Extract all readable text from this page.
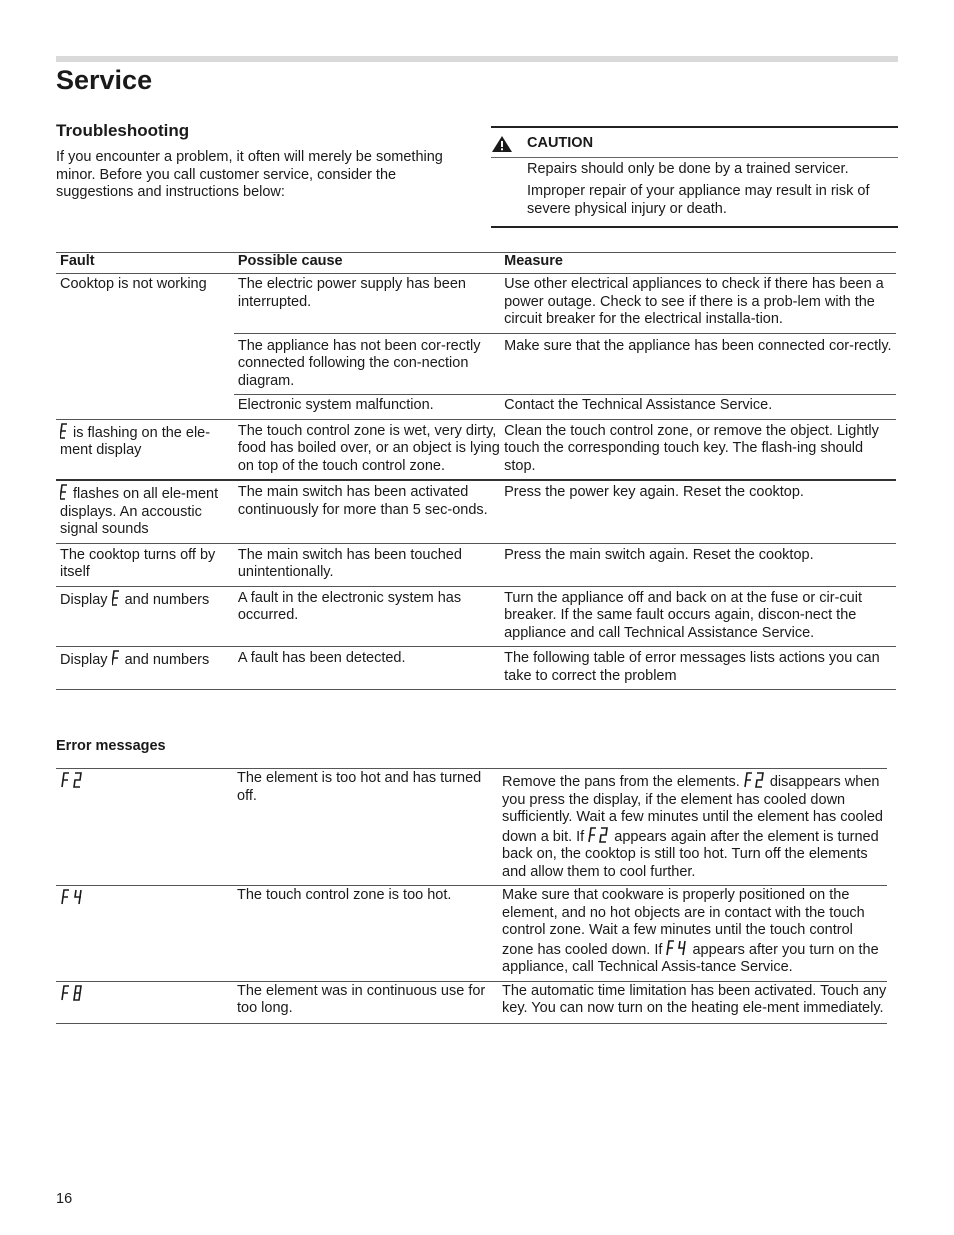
Service
Troubleshooting

If you encounter a problem, it often will merely be something minor. Before you call customer service, consider the suggestions and instructions below:

CAUTION

Repairs should only be done by a trained servicer.

Improper repair of your appliance may result in risk of severe physical injury or death.

Fault	Possible cause	Measure
Cooktop is not working	The electric power supply has been interrupted.	Use other electrical appliances to check if there has been a power outage. Check to see if there is a prob-lem with the circuit breaker for the electrical installa-tion.
	The appliance has not been cor-rectly connected following the con-nection diagram.	Make sure that the appliance has been connected cor-rectly.
	Electronic system malfunction.	Contact the Technical Assistance Service.
is flashing on the ele-ment display	The touch control zone is wet, very dirty, food has boiled over, or an object is lying on top of the touch control zone.	Clean the touch control zone, or remove the object. Lightly touch the corresponding touch key. The flash-ing should stop.
flashes on all ele-ment displays. An accoustic signal sounds	The main switch has been activated continuously for more than 5 sec-onds.	Press the power key again. Reset the cooktop.
The cooktop turns off by itself	The main switch has been touched unintentionally.	Press the main switch again. Reset the cooktop.
Display and numbers	A fault in the electronic system has occurred.	Turn the appliance off and back on at the fuse or cir-cuit breaker. If the same fault occurs again, discon-nect the appliance and call Technical Assistance Service.
Display and numbers	A fault has been detected.	The following table of error messages lists actions you can take to correct the problem
Error messages
	The element is too hot and has turned off.	Remove the pans from the elements. disappears when you press the display, if the element has cooled down sufficiently. Wait a few minutes until the element has cooled down a bit. If appears again after the element is turned back on, the cooktop is still too hot. Turn off the elements and allow them to cool further.
	The touch control zone is too hot.	Make sure that cookware is properly positioned on the element, and no hot objects are in contact with the touch control zone. Wait a few minutes until the touch control zone has cooled down. If appears after you turn on the appliance, call Technical Assis-tance Service.
	The element was in continuous use for too long.	The automatic time limitation has been activated. Touch any key. You can now turn on the heating ele-ment immediately.
16
